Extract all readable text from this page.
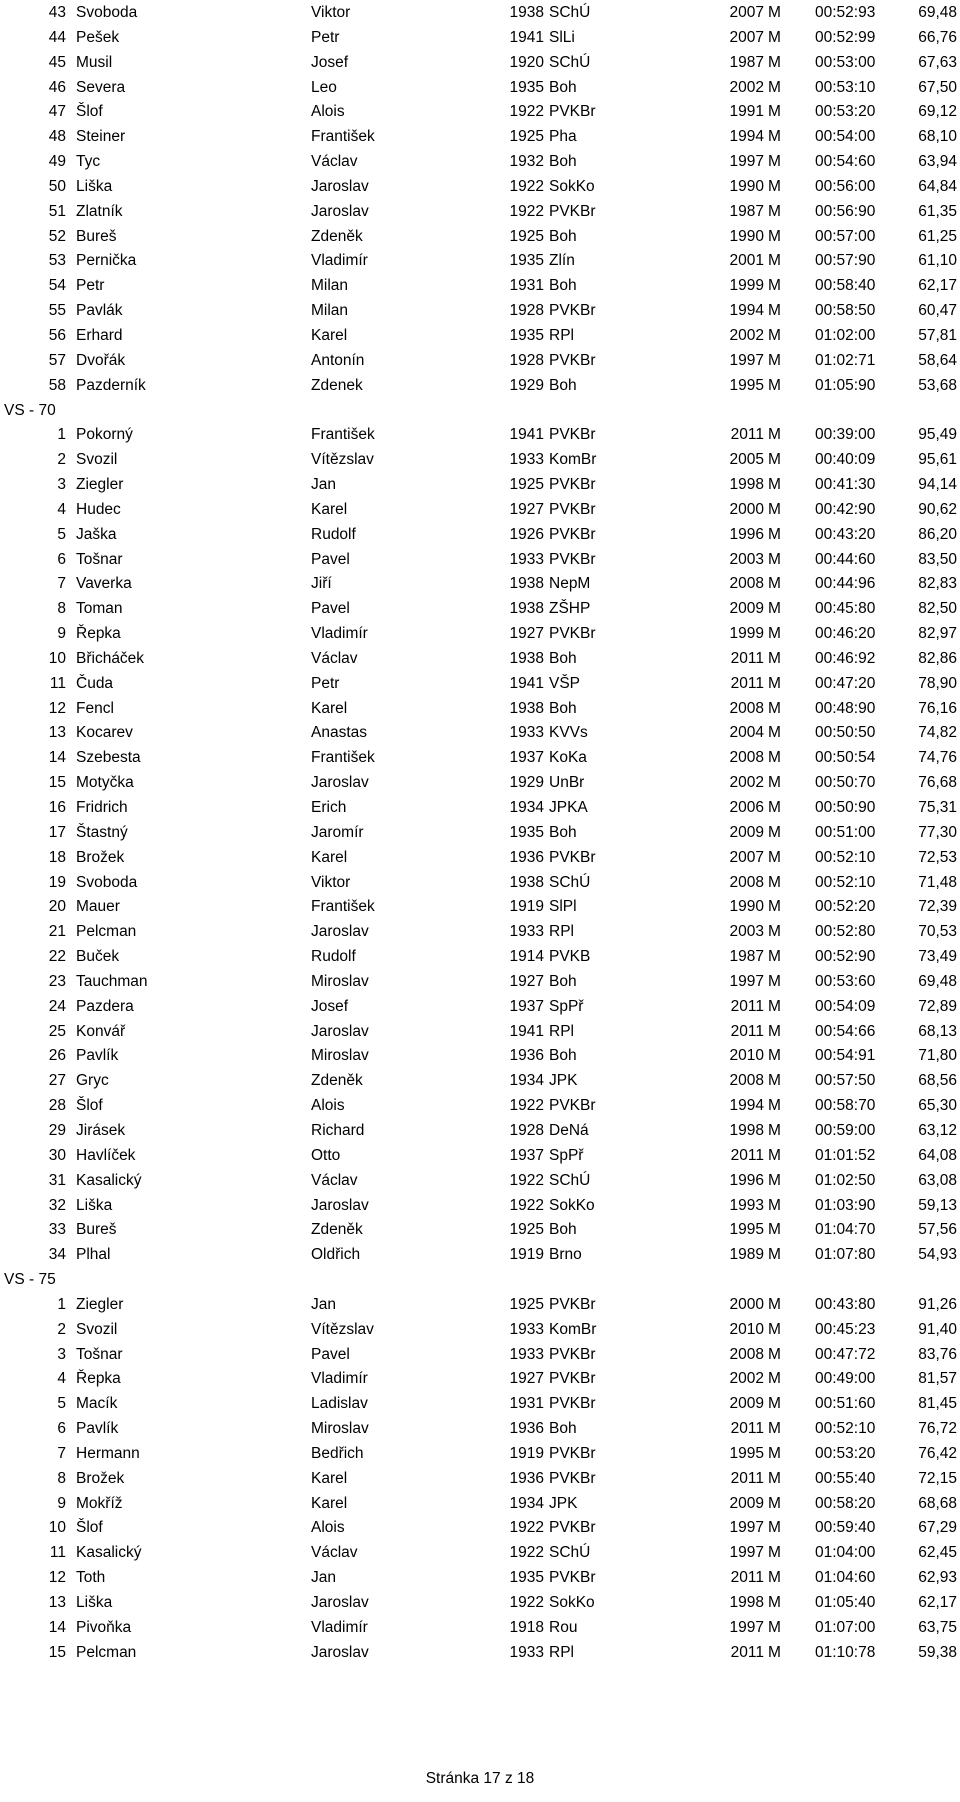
43 Svoboda	Viktor	1938 SChÚ	2007 M 00:52:93	69,48
44 Pešek	Petr	1941 SlLi	2007 M 00:52:99	66,76
45 Musil	Josef	1920 SChÚ	1987 M 00:53:00	67,63
46 Severa	Leo	1935 Boh	2002 M 00:53:10	67,50
47 Šlof	Alois	1922 PVKBr	1991 M 00:53:20	69,12
48 Steiner	František	1925 Pha	1994 M 00:54:00	68,10
49 Tyc	Václav	1932 Boh	1997 M 00:54:60	63,94
50 Liška	Jaroslav	1922 SokKo	1990 M 00:56:00	64,84
51 Zlatník	Jaroslav	1922 PVKBr	1987 M 00:56:90	61,35
52 Bureš	Zdeněk	1925 Boh	1990 M 00:57:00	61,25
53 Pernička	Vladimír	1935 Zlín	2001 M 00:57:90	61,10
54 Petr	Milan	1931 Boh	1999 M 00:58:40	62,17
55 Pavlák	Milan	1928 PVKBr	1994 M 00:58:50	60,47
56 Erhard	Karel	1935 RPl	2002 M 01:02:00	57,81
57 Dvořák	Antonín	1928 PVKBr	1997 M 01:02:71	58,64
58 Pazderník	Zdenek	1929 Boh	1995 M 01:05:90	53,68
VS - 70
1 Pokorný	František	1941 PVKBr	2011 M 00:39:00	95,49
2 Svozil	Vítězslav	1933 KomBr	2005 M 00:40:09	95,61
3 Ziegler	Jan	1925 PVKBr	1998 M 00:41:30	94,14
4 Hudec	Karel	1927 PVKBr	2000 M 00:42:90	90,62
5 Jaška	Rudolf	1926 PVKBr	1996 M 00:43:20	86,20
6 Tošnar	Pavel	1933 PVKBr	2003 M 00:44:60	83,50
7 Vaverka	Jiří	1938 NepM	2008 M 00:44:96	82,83
8 Toman	Pavel	1938 ZŠHP	2009 M 00:45:80	82,50
9 Řepka	Vladimír	1927 PVKBr	1999 M 00:46:20	82,97
10 Břicháček	Václav	1938 Boh	2011 M 00:46:92	82,86
11 Čuda	Petr	1941 VŠP	2011 M 00:47:20	78,90
12 Fencl	Karel	1938 Boh	2008 M 00:48:90	76,16
13 Kocarev	Anastas	1933 KVVs	2004 M 00:50:50	74,82
14 Szebesta	František	1937 KoKa	2008 M 00:50:54	74,76
15 Motyčka	Jaroslav	1929 UnBr	2002 M 00:50:70	76,68
16 Fridrich	Erich	1934 JPKA	2006 M 00:50:90	75,31
17 Štastný	Jaromír	1935 Boh	2009 M 00:51:00	77,30
18 Brožek	Karel	1936 PVKBr	2007 M 00:52:10	72,53
19 Svoboda	Viktor	1938 SChÚ	2008 M 00:52:10	71,48
20 Mauer	František	1919 SlPl	1990 M 00:52:20	72,39
21 Pelcman	Jaroslav	1933 RPl	2003 M 00:52:80	70,53
22 Buček	Rudolf	1914 PVKB	1987 M 00:52:90	73,49
23 Tauchman	Miroslav	1927 Boh	1997 M 00:53:60	69,48
24 Pazdera	Josef	1937 SpPř	2011 M 00:54:09	72,89
25 Konvář	Jaroslav	1941 RPl	2011 M 00:54:66	68,13
26 Pavlík	Miroslav	1936 Boh	2010 M 00:54:91	71,80
27 Gryc	Zdeněk	1934 JPK	2008 M 00:57:50	68,56
28 Šlof	Alois	1922 PVKBr	1994 M 00:58:70	65,30
29 Jirásek	Richard	1928 DeNá	1998 M 00:59:00	63,12
30 Havlíček	Otto	1937 SpPř	2011 M 01:01:52	64,08
31 Kasalický	Václav	1922 SChÚ	1996 M 01:02:50	63,08
32 Liška	Jaroslav	1922 SokKo	1993 M 01:03:90	59,13
33 Bureš	Zdeněk	1925 Boh	1995 M 01:04:70	57,56
34 Plhal	Oldřich	1919 Brno	1989 M 01:07:80	54,93
VS - 75
1 Ziegler	Jan	1925 PVKBr	2000 M 00:43:80	91,26
2 Svozil	Vítězslav	1933 KomBr	2010 M 00:45:23	91,40
3 Tošnar	Pavel	1933 PVKBr	2008 M 00:47:72	83,76
4 Řepka	Vladimír	1927 PVKBr	2002 M 00:49:00	81,57
5 Macík	Ladislav	1931 PVKBr	2009 M 00:51:60	81,45
6 Pavlík	Miroslav	1936 Boh	2011 M 00:52:10	76,72
7 Hermann	Bedřich	1919 PVKBr	1995 M 00:53:20	76,42
8 Brožek	Karel	1936 PVKBr	2011 M 00:55:40	72,15
9 Mokříž	Karel	1934 JPK	2009 M 00:58:20	68,68
10 Šlof	Alois	1922 PVKBr	1997 M 00:59:40	67,29
11 Kasalický	Václav	1922 SChÚ	1997 M 01:04:00	62,45
12 Toth	Jan	1935 PVKBr	2011 M 01:04:60	62,93
13 Liška	Jaroslav	1922 SokKo	1998 M 01:05:40	62,17
14 Pivoňka	Vladimír	1918 Rou	1997 M 01:07:00	63,75
15 Pelcman	Jaroslav	1933 RPl	2011 M 01:10:78	59,38
Stránka 17 z 18
